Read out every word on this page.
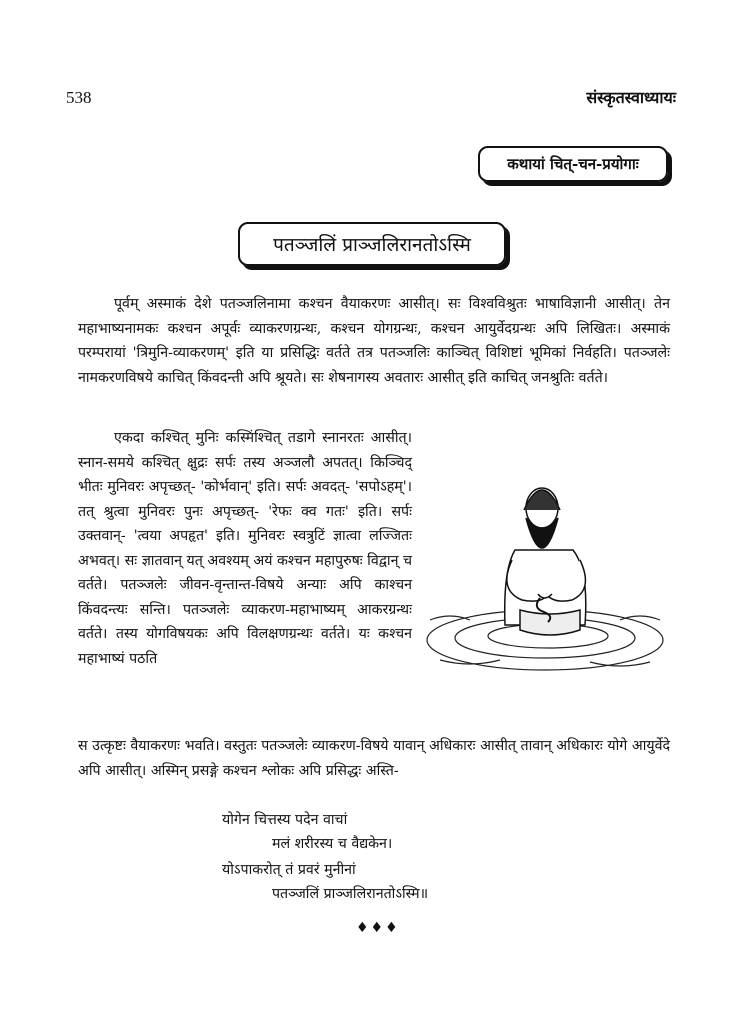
538	संस्कृतस्वाध्यायः
कथायां चित्-चन-प्रयोगाः
पतञ्जलिं प्राञ्जलिरानतोऽस्मि
पूर्वम् अस्माकं देशे पतञ्जलिनामा कश्चन वैयाकरणः आसीत्। सः विश्वविश्रुतः भाषाविज्ञानी आसीत्। तेन महाभाष्यनामकः कश्चन अपूर्वः व्याकरणग्रन्थः, कश्चन योगग्रन्थः, कश्चन आयुर्वेदग्रन्थः अपि लिखितः। अस्माकं परम्परायां 'त्रिमुनि-व्याकरणम्' इति या प्रसिद्धिः वर्तते तत्र पतञ्जलिः काञ्चित् विशिष्टां भूमिकां निर्वहति। पतञ्जलेः नामकरणविषये काचित् किंवदन्ती अपि श्रूयते। सः शेषनागस्य अवतारः आसीत् इति काचित् जनश्रुतिः वर्तते।
एकदा कश्चित् मुनिः कस्मिंश्चित् तडागे स्नानरतः आसीत्। स्नान-समये कश्चित् क्षुद्रः सर्पः तस्य अञ्जलौ अपतत्। किञ्चिद् भीतः मुनिवरः अपृच्छत्- 'कोर्भवान्' इति। सर्पः अवदत्- 'सपोऽहम्'। तत् श्रुत्वा मुनिवरः पुनः अपृच्छत्- 'रेफः क्व गतः' इति। सर्पः उक्तवान्- 'त्वया अपहृत' इति। मुनिवरः स्वत्रुटिं ज्ञात्वा लज्जितः अभवत्। सः ज्ञातवान् यत् अवश्यम् अयं कश्चन महापुरुषः विद्वान् च वर्तते। पतञ्जलेः जीवन-वृन्तान्त-विषये अन्याः अपि काश्चन किंवदन्त्यः सन्ति। पतञ्जलेः व्याकरण-महाभाष्यम् आकरग्रन्थः वर्तते। तस्य योगविषयकः अपि विलक्षणग्रन्थः वर्तते। यः कश्चन महाभाष्यं पठति
स उत्कृष्टः वैयाकरणः भवति। वस्तुतः पतञ्जलेः व्याकरण-विषये यावान् अधिकारः आसीत् तावान् अधिकारः योगे आयुर्वेदे अपि आसीत्। अस्मिन् प्रसङ्गे कश्चन श्लोकः अपि प्रसिद्धः अस्ति-
योगेन चित्तस्य पदेन वाचां
मलं शरीरस्य च वैद्यकेन।
योऽपाकरोत् तं प्रवरं मुनीनां
पतञ्जलिं प्राञ्जलिरानतोऽस्मि॥
♦♦♦
